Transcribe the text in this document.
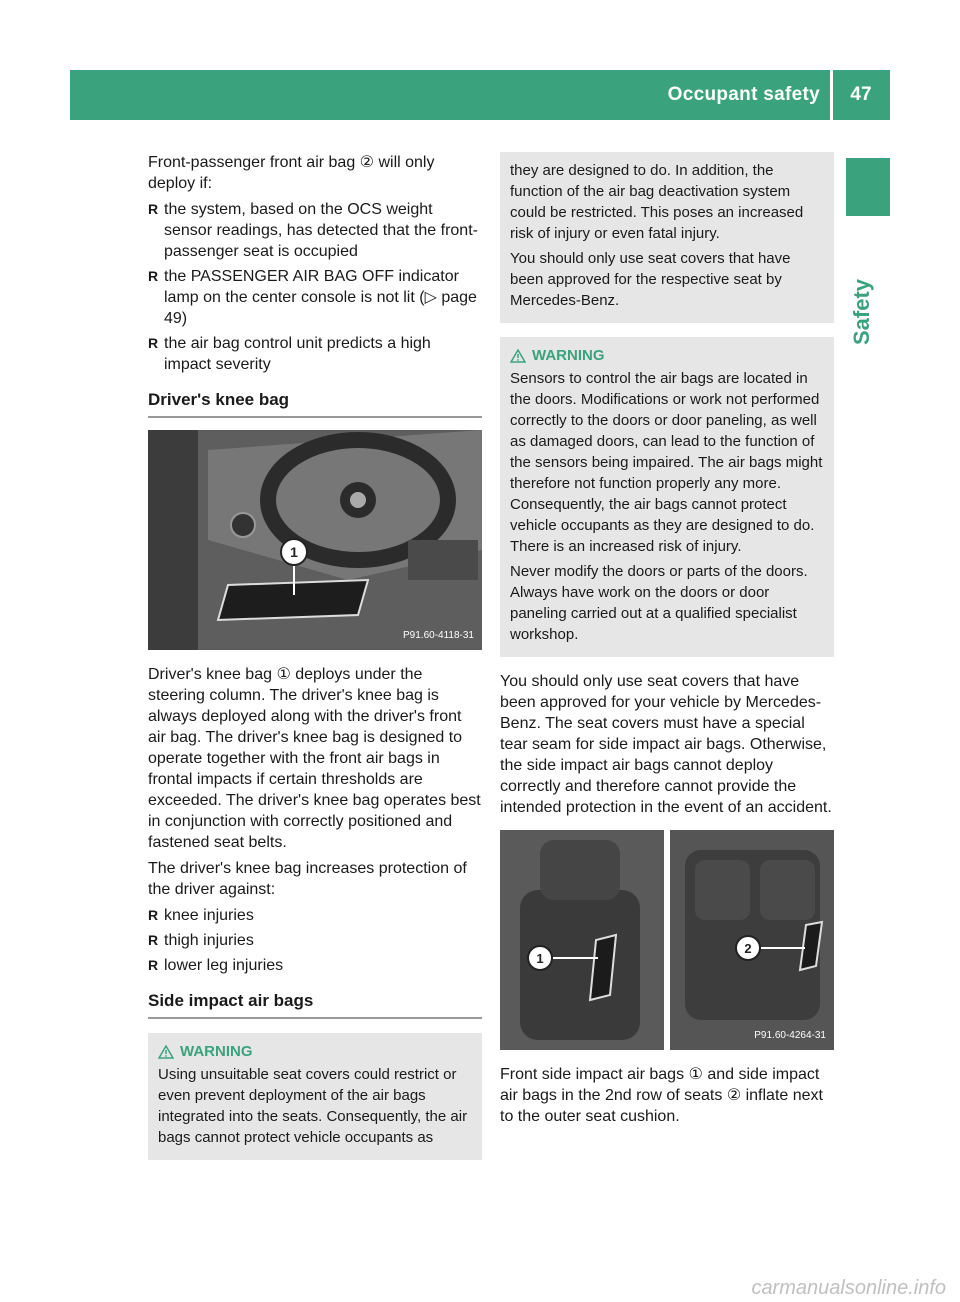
Occupant safety	47
Safety

Front-passenger front air bag ② will only deploy if:

R the system, based on the OCS weight sensor readings, has detected that the front-passenger seat is occupied
R the PASSENGER AIR BAG OFF indicator lamp on the center console is not lit (▷ page 49)
R the air bag control unit predicts a high impact severity
Driver's knee bag
1
P91.60-4118-31

Driver's knee bag ① deploys under the steering column. The driver's knee bag is always deployed along with the driver's front air bag. The driver's knee bag is designed to operate together with the front air bags in frontal impacts if certain thresholds are exceeded. The driver's knee bag operates best in conjunction with correctly positioned and fastened seat belts.

The driver's knee bag increases protection of the driver against:

R knee injuries
R thigh injuries
R lower leg injuries
Side impact air bags
WARNING

Using unsuitable seat covers could restrict or even prevent deployment of the air bags integrated into the seats. Consequently, the air bags cannot protect vehicle occupants as

they are designed to do. In addition, the function of the air bag deactivation system could be restricted. This poses an increased risk of injury or even fatal injury.

You should only use seat covers that have been approved for the respective seat by Mercedes-Benz.

WARNING

Sensors to control the air bags are located in the doors. Modifications or work not performed correctly to the doors or door paneling, as well as damaged doors, can lead to the function of the sensors being impaired. The air bags might therefore not function properly any more. Consequently, the air bags cannot protect vehicle occupants as they are designed to do. There is an increased risk of injury.

Never modify the doors or parts of the doors. Always have work on the doors or door paneling carried out at a qualified specialist workshop.

You should only use seat covers that have been approved for your vehicle by Mercedes-Benz. The seat covers must have a special tear seam for side impact air bags. Otherwise, the side impact air bags cannot deploy correctly and therefore cannot provide the intended protection in the event of an accident.

1
2
P91.60-4264-31

Front side impact air bags ① and side impact air bags in the 2nd row of seats ② inflate next to the outer seat cushion.

carmanualsonline.info
